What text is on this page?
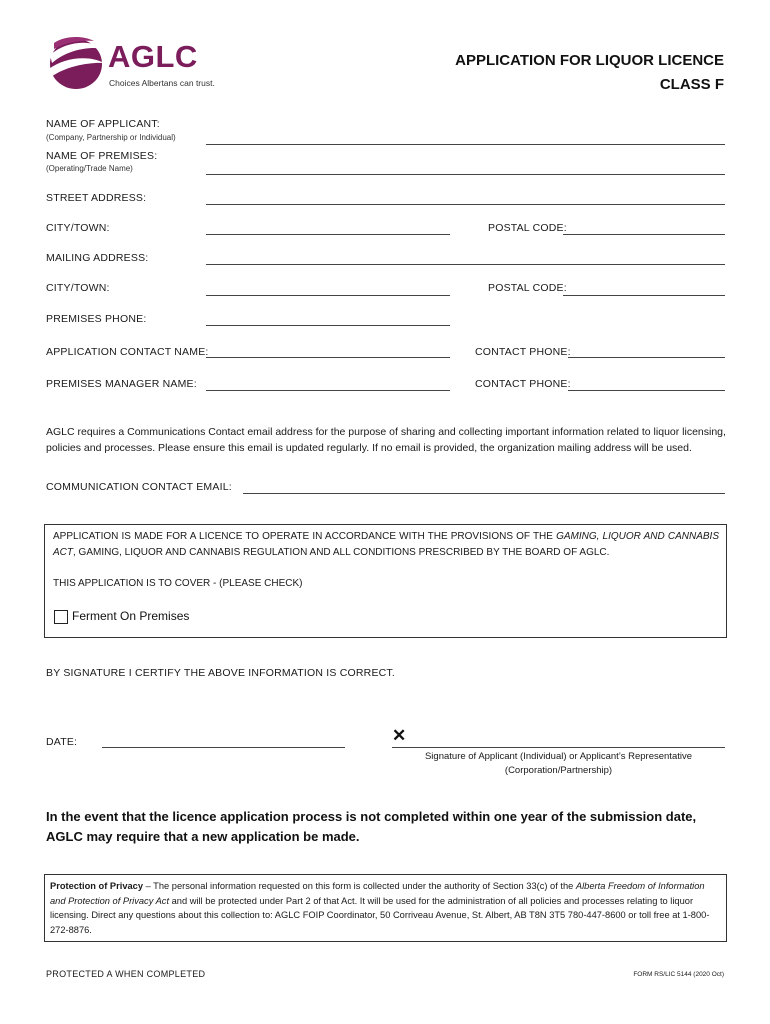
AGLC
Choices Albertans can trust.
APPLICATION FOR LIQUOR LICENCE
CLASS F
NAME OF APPLICANT:
(Company, Partnership or Individual)
NAME OF PREMISES:
(Operating/Trade Name)
STREET ADDRESS:
CITY/TOWN:	POSTAL CODE:
MAILING ADDRESS:
CITY/TOWN:	POSTAL CODE:
PREMISES PHONE:
APPLICATION CONTACT NAME:	CONTACT PHONE:
PREMISES MANAGER NAME:	CONTACT PHONE:
AGLC requires a Communications Contact email address for the purpose of sharing and collecting important information related to liquor licensing, policies and processes. Please ensure this email is updated regularly. If no email is provided, the organization mailing address will be used.
COMMUNICATION CONTACT EMAIL:
APPLICATION IS MADE FOR A LICENCE TO OPERATE IN ACCORDANCE WITH THE PROVISIONS OF THE GAMING, LIQUOR AND CANNABIS ACT, GAMING, LIQUOR AND CANNABIS REGULATION AND ALL CONDITIONS PRESCRIBED BY THE BOARD OF AGLC.
THIS APPLICATION IS TO COVER - (PLEASE CHECK)
Ferment On Premises
BY SIGNATURE I CERTIFY THE ABOVE INFORMATION IS CORRECT.
DATE:	✕
Signature of Applicant (Individual) or Applicant’s Representative
(Corporation/Partnership)
In the event that the licence application process is not completed within one year of the submission date,
AGLC may require that a new application be made.
Protection of Privacy – The personal information requested on this form is collected under the authority of Section 33(c) of the Alberta Freedom of Information and Protection of Privacy Act and will be protected under Part 2 of that Act. It will be used for the administration of all policies and processes relating to liquor licensing. Direct any questions about this collection to: AGLC FOIP Coordinator, 50 Corriveau Avenue, St. Albert, AB T8N 3T5 780-447-8600 or toll free at 1-800-272-8876.
PROTECTED A WHEN COMPLETED	FORM RS/LIC 5144 (2020 Oct)
